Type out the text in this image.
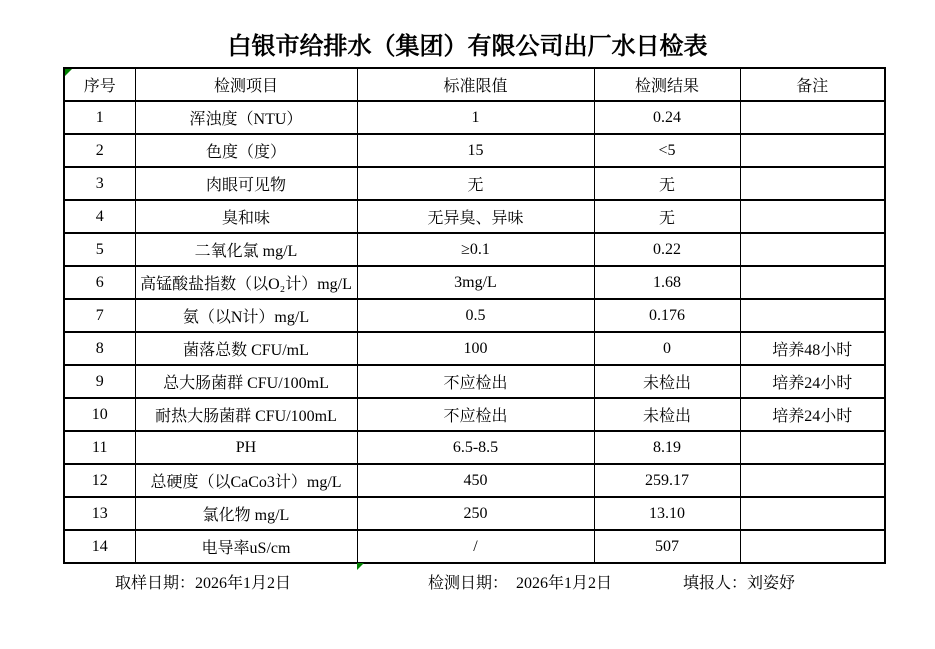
白银市给排水（集团）有限公司出厂水日检表
序号	检测项目	标准限值	检测结果	备注
1	浑浊度（NTU）	1	0.24	
2	色度（度）	15	<5	
3	肉眼可见物	无	无	
4	臭和味	无异臭、异味	无	
5	二氧化氯 mg/L	≥0.1	0.22	
6	高锰酸盐指数（以O₂计）mg/L	3mg/L	1.68	
7	氨（以N计）mg/L	0.5	0.176	
8	菌落总数 CFU/mL	100	0	培养48小时
9	总大肠菌群 CFU/100mL	不应检出	未检出	培养24小时
10	耐热大肠菌群 CFU/100mL	不应检出	未检出	培养24小时
11	PH	6.5-8.5	8.19	
12	总硬度（以CaCo3计）mg/L	450	259.17	
13	氯化物 mg/L	250	13.10	
14	电导率uS/cm	/	507	
取样日期：2026年1月2日	检测日期：  2026年1月2日	填报人：刘姿妤
